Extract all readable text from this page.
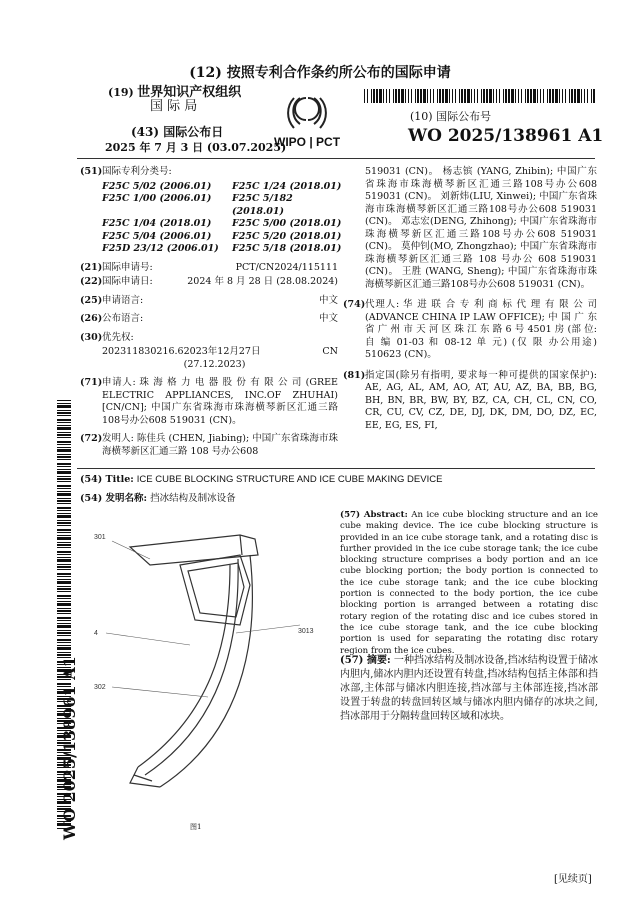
(12) 按照专利合作条约所公布的国际申请
(19) 世界知识产权组织
国 际 局
(43) 国际公布日
2025 年 7 月 3 日 (03.07.2025)
WIPO | PCT
(10) 国际公布号
WO 2025/138961 A1
WO 2025/138961 A1
(51) 国际专利分类号:
F25C 5/02 (2006.01)	F25C 1/24 (2018.01)
F25C 1/00 (2006.01)	F25C 5/182 (2018.01)
F25C 1/04 (2018.01)	F25C 5/00 (2018.01)
F25C 5/04 (2006.01)	F25C 5/20 (2018.01)
F25D 23/12 (2006.01)	F25C 5/18 (2018.01)
(21) 国际申请号:	PCT/CN2024/115111
(22) 国际申请日:	2024 年 8 月 28 日 (28.08.2024)
(25) 申请语言:	中文
(26) 公布语言:	中文
(30) 优先权:
202311830216.6 2023年12月27日 (27.12.2023)
CN
(71) 申请人: 珠 海 格 力 电 器 股 份 有 限 公 司 (GREE ELECTRIC APPLIANCES, INC.OF ZHUHAI) [CN/CN]; 中国广东省珠海市珠海横琴新区汇通三路108号办公608 519031 (CN)。
(72) 发明人: 陈佳兵 (CHEN, Jiabing); 中国广东省珠海市珠海横琴新区汇通三路 108 号办公608
519031 (CN)。 杨志镔 (YANG, Zhibin); 中国广东省珠海市珠海横琴新区汇通三路108号办公608 519031 (CN)。 刘新炜(LIU, Xinwei); 中国广东省珠海市珠海横琴新区汇通三路108号办公608 519031 (CN)。 邓志宏(DENG, Zhihong); 中国广东省珠海市珠海横琴新区汇通三路108号办公608 519031 (CN)。 莫仲钊(MO, Zhongzhao); 中国广东省珠海市珠海横琴新区汇通三路 108 号办公 608 519031 (CN)。 王胜 (WANG, Sheng); 中国广东省珠海市珠海横琴新区汇通三路108号办公608 519031 (CN)。
(74) 代理人: 华 进 联 合 专 利 商 标 代 理 有 限 公 司 (ADVANCE CHINA IP LAW OFFICE); 中 国 广 东 省 广 州 市 天 河 区 珠 江 东 路 6 号 4501 房 (部 位: 自 编 01-03 和 08-12 单 元) (仅 限 办公用途) 510623 (CN)。
(81) 指定国(除另有指明, 要求每一种可提供的国家保护): AE, AG, AL, AM, AO, AT, AU, AZ, BA, BB, BG, BH, BN, BR, BW, BY, BZ, CA, CH, CL, CN, CO, CR, CU, CV, CZ, DE, DJ, DK, DM, DO, DZ, EC, EE, EG, ES, FI,
(54) Title: ICE CUBE BLOCKING STRUCTURE AND ICE CUBE MAKING DEVICE
(54) 发明名称: 挡冰结构及制冰设备
301
4	3013
302
图1
(57) Abstract: An ice cube blocking structure and an ice cube making device. The ice cube blocking structure is provided in an ice cube storage tank, and a rotating disc is further provided in the ice cube storage tank; the ice cube blocking structure comprises a body portion and an ice cube blocking portion; the body portion is connected to the ice cube storage tank; and the ice cube blocking portion is connected to the body portion, the ice cube blocking portion is arranged between a rotating disc rotary region of the rotating disc and ice cubes stored in the ice cube storage tank, and the ice cube blocking portion is used for separating the rotating disc rotary region from the ice cubes.
(57) 摘要: 一种挡冰结构及制冰设备,挡冰结构设置于储冰内胆内,储冰内胆内还设置有转盘,挡冰结构包括主体部和挡冰部,主体部与储冰内胆连接,挡冰部与主体部连接,挡冰部设置于转盘的转盘回转区域与储冰内胆内储存的冰块之间,挡冰部用于分隔转盘回转区域和冰块。
[见续页]
